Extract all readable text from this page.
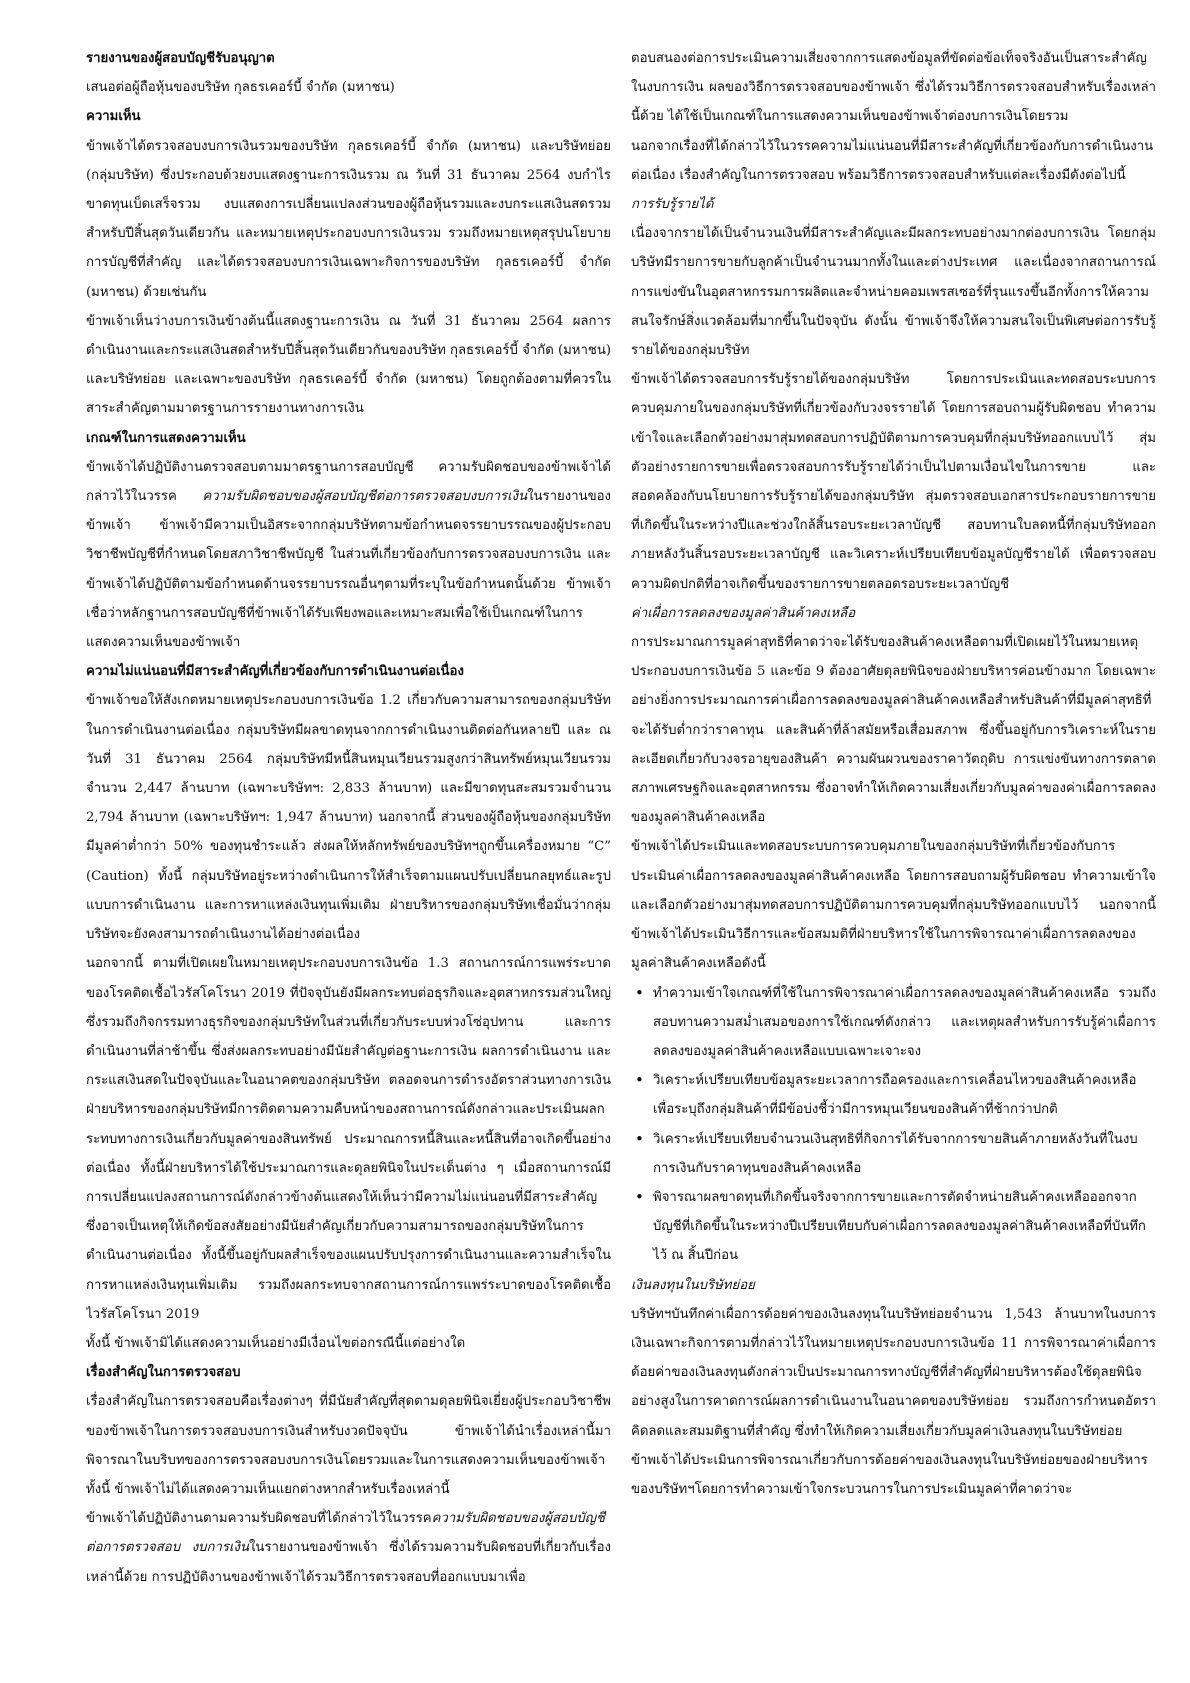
รายงานของผู้สอบบัญชีรับอนุญาต

เสนอต่อผู้ถือหุ้นของบริษัท กุลธรเคอร์บี้ จำกัด (มหาชน)

ความเห็น

ข้าพเจ้าได้ตรวจสอบงบการเงินรวมของบริษัท กุลธรเคอร์บี้ จำกัด (มหาชน) และบริษัทย่อย (กลุ่มบริษัท) ซึ่งประกอบด้วยงบแสดงฐานะการเงินรวม ณ วันที่ 31 ธันวาคม 2564 งบกำไรขาดทุนเบ็ดเสร็จรวม งบแสดงการเปลี่ยนแปลงส่วนของผู้ถือหุ้นรวมและงบกระแสเงินสดรวม สำหรับปีสิ้นสุดวันเดียวกัน และหมายเหตุประกอบงบการเงินรวม รวมถึงหมายเหตุสรุปนโยบายการบัญชีที่สำคัญ และได้ตรวจสอบงบการเงินเฉพาะกิจการของบริษัท กุลธรเคอร์บี้ จำกัด (มหาชน) ด้วยเช่นกัน

ข้าพเจ้าเห็นว่างบการเงินข้างต้นนี้แสดงฐานะการเงิน ณ วันที่ 31 ธันวาคม 2564 ผลการดำเนินงานและกระแสเงินสดสำหรับปีสิ้นสุดวันเดียวกันของบริษัท กุลธรเคอร์บี้ จำกัด (มหาชน) และบริษัทย่อย และเฉพาะของบริษัท กุลธรเคอร์บี้ จำกัด (มหาชน) โดยถูกต้องตามที่ควรในสาระสำคัญตามมาตรฐานการรายงานทางการเงิน

เกณฑ์ในการแสดงความเห็น

ข้าพเจ้าได้ปฏิบัติงานตรวจสอบตามมาตรฐานการสอบบัญชี ความรับผิดชอบของข้าพเจ้าได้กล่าวไว้ในวรรค ความรับผิดชอบของผู้สอบบัญชีต่อการตรวจสอบงบการเงินในรายงานของข้าพเจ้า ข้าพเจ้ามีความเป็นอิสระจากกลุ่มบริษัทตามข้อกำหนดจรรยาบรรณของผู้ประกอบวิชาชีพบัญชีที่กำหนดโดยสภาวิชาชีพบัญชี ในส่วนที่เกี่ยวข้องกับการตรวจสอบงบการเงิน และข้าพเจ้าได้ปฏิบัติตามข้อกำหนดด้านจรรยาบรรณอื่นๆตามที่ระบุในข้อกำหนดนั้นด้วย ข้าพเจ้าเชื่อว่าหลักฐานการสอบบัญชีที่ข้าพเจ้าได้รับเพียงพอและเหมาะสมเพื่อใช้เป็นเกณฑ์ในการแสดงความเห็นของข้าพเจ้า

ความไม่แน่นอนที่มีสาระสำคัญที่เกี่ยวข้องกับการดำเนินงานต่อเนื่อง

ข้าพเจ้าขอให้สังเกตหมายเหตุประกอบงบการเงินข้อ 1.2 เกี่ยวกับความสามารถของกลุ่มบริษัทในการดำเนินงานต่อเนื่อง กลุ่มบริษัทมีผลขาดทุนจากการดำเนินงานติดต่อกันหลายปี และ ณ วันที่ 31 ธันวาคม 2564 กลุ่มบริษัทมีหนี้สินหมุนเวียนรวมสูงกว่าสินทรัพย์หมุนเวียนรวมจำนวน 2,447 ล้านบาท (เฉพาะบริษัทฯ: 2,833 ล้านบาท) และมีขาดทุนสะสมรวมจำนวน 2,794 ล้านบาท (เฉพาะบริษัทฯ: 1,947 ล้านบาท) นอกจากนี้ ส่วนของผู้ถือหุ้นของกลุ่มบริษัทมีมูลค่าต่ำกว่า 50% ของทุนชำระแล้ว ส่งผลให้หลักทรัพย์ของบริษัทฯถูกขึ้นเครื่องหมาย “C” (Caution) ทั้งนี้ กลุ่มบริษัทอยู่ระหว่างดำเนินการให้สำเร็จตามแผนปรับเปลี่ยนกลยุทธ์และรูปแบบการดำเนินงาน และการหาแหล่งเงินทุนเพิ่มเติม ฝ่ายบริหารของกลุ่มบริษัทเชื่อมั่นว่ากลุ่มบริษัทจะยังคงสามารถดำเนินงานได้อย่างต่อเนื่อง

นอกจากนี้ ตามที่เปิดเผยในหมายเหตุประกอบงบการเงินข้อ 1.3 สถานการณ์การแพร่ระบาดของโรคติดเชื้อไวรัสโคโรนา 2019 ที่ปัจจุบันยังมีผลกระทบต่อธุรกิจและอุตสาหกรรมส่วนใหญ่ ซึ่งรวมถึงกิจกรรมทางธุรกิจของกลุ่มบริษัทในส่วนที่เกี่ยวกับระบบห่วงโซ่อุปทาน และการดำเนินงานที่ล่าช้าขึ้น ซึ่งส่งผลกระทบอย่างมีนัยสำคัญต่อฐานะการเงิน ผลการดำเนินงาน และกระแสเงินสดในปัจจุบันและในอนาคตของกลุ่มบริษัท ตลอดจนการดำรงอัตราส่วนทางการเงิน ฝ่ายบริหารของกลุ่มบริษัทมีการติดตามความคืบหน้าของสถานการณ์ดังกล่าวและประเมินผลกระทบทางการเงินเกี่ยวกับมูลค่าของสินทรัพย์ ประมาณการหนี้สินและหนี้สินที่อาจเกิดขึ้นอย่างต่อเนื่อง ทั้งนี้ฝ่ายบริหารได้ใช้ประมาณการและดุลยพินิจในประเด็นต่าง ๆ เมื่อสถานการณ์มีการเปลี่ยนแปลงสถานการณ์ดังกล่าวข้างต้นแสดงให้เห็นว่ามีความไม่แน่นอนที่มีสาระสำคัญซึ่งอาจเป็นเหตุให้เกิดข้อสงสัยอย่างมีนัยสำคัญเกี่ยวกับความสามารถของกลุ่มบริษัทในการดำเนินงานต่อเนื่อง ทั้งนี้ขึ้นอยู่กับผลสำเร็จของแผนปรับปรุงการดำเนินงานและความสำเร็จในการหาแหล่งเงินทุนเพิ่มเติม รวมถึงผลกระทบจากสถานการณ์การแพร่ระบาดของโรคติดเชื้อไวรัสโคโรนา 2019

ทั้งนี้ ข้าพเจ้ามิได้แสดงความเห็นอย่างมีเงื่อนไขต่อกรณีนี้แต่อย่างใด

เรื่องสำคัญในการตรวจสอบ

เรื่องสำคัญในการตรวจสอบคือเรื่องต่างๆ ที่มีนัยสำคัญที่สุดตามดุลยพินิจเยี่ยงผู้ประกอบวิชาชีพของข้าพเจ้าในการตรวจสอบงบการเงินสำหรับงวดปัจจุบัน ข้าพเจ้าได้นำเรื่องเหล่านี้มาพิจารณาในบริบทของการตรวจสอบงบการเงินโดยรวมและในการแสดงความเห็นของข้าพเจ้า ทั้งนี้ ข้าพเจ้าไม่ได้แสดงความเห็นแยกต่างหากสำหรับเรื่องเหล่านี้

ข้าพเจ้าได้ปฏิบัติงานตามความรับผิดชอบที่ได้กล่าวไว้ในวรรคความรับผิดชอบของผู้สอบบัญชีต่อการตรวจสอบ งบการเงินในรายงานของข้าพเจ้า ซึ่งได้รวมความรับผิดชอบที่เกี่ยวกับเรื่องเหล่านี้ด้วย การปฏิบัติงานของข้าพเจ้าได้รวมวิธีการตรวจสอบที่ออกแบบมาเพื่อ

ตอบสนองต่อการประเมินความเสี่ยงจากการแสดงข้อมูลที่ขัดต่อข้อเท็จจริงอันเป็นสาระสำคัญในงบการเงิน ผลของวิธีการตรวจสอบของข้าพเจ้า ซึ่งได้รวมวิธีการตรวจสอบสำหรับเรื่องเหล่านี้ด้วย ได้ใช้เป็นเกณฑ์ในการแสดงความเห็นของข้าพเจ้าต่องบการเงินโดยรวม

นอกจากเรื่องที่ได้กล่าวไว้ในวรรคความไม่แน่นอนที่มีสาระสำคัญที่เกี่ยวข้องกับการดำเนินงานต่อเนื่อง เรื่องสำคัญในการตรวจสอบ พร้อมวิธีการตรวจสอบสำหรับแต่ละเรื่องมีดังต่อไปนี้

การรับรู้รายได้

เนื่องจากรายได้เป็นจำนวนเงินที่มีสาระสำคัญและมีผลกระทบอย่างมากต่องบการเงิน โดยกลุ่มบริษัทมีรายการขายกับลูกค้าเป็นจำนวนมากทั้งในและต่างประเทศ และเนื่องจากสถานการณ์การแข่งขันในอุตสาหกรรมการผลิตและจำหน่ายคอมเพรสเซอร์ที่รุนแรงขึ้นอีกทั้งการให้ความสนใจรักษ์สิ่งแวดล้อมที่มากขึ้นในปัจจุบัน ดังนั้น ข้าพเจ้าจึงให้ความสนใจเป็นพิเศษต่อการรับรู้รายได้ของกลุ่มบริษัท

ข้าพเจ้าได้ตรวจสอบการรับรู้รายได้ของกลุ่มบริษัท โดยการประเมินและทดสอบระบบการควบคุมภายในของกลุ่มบริษัทที่เกี่ยวข้องกับวงจรรายได้ โดยการสอบถามผู้รับผิดชอบ ทำความเข้าใจและเลือกตัวอย่างมาสุ่มทดสอบการปฏิบัติตามการควบคุมที่กลุ่มบริษัทออกแบบไว้ สุ่มตัวอย่างรายการขายเพื่อตรวจสอบการรับรู้รายได้ว่าเป็นไปตามเงื่อนไขในการขาย และสอดคล้องกับนโยบายการรับรู้รายได้ของกลุ่มบริษัท สุ่มตรวจสอบเอกสารประกอบรายการขายที่เกิดขึ้นในระหว่างปีและช่วงใกล้สิ้นรอบระยะเวลาบัญชี สอบทานใบลดหนี้ที่กลุ่มบริษัทออกภายหลังวันสิ้นรอบระยะเวลาบัญชี และวิเคราะห์เปรียบเทียบข้อมูลบัญชีรายได้ เพื่อตรวจสอบความผิดปกติที่อาจเกิดขึ้นของรายการขายตลอดรอบระยะเวลาบัญชี

ค่าเผื่อการลดลงของมูลค่าสินค้าคงเหลือ

การประมาณการมูลค่าสุทธิที่คาดว่าจะได้รับของสินค้าคงเหลือตามที่เปิดเผยไว้ในหมายเหตุประกอบงบการเงินข้อ 5 และข้อ 9 ต้องอาศัยดุลยพินิจของฝ่ายบริหารค่อนข้างมาก โดยเฉพาะอย่างยิ่งการประมาณการค่าเผื่อการลดลงของมูลค่าสินค้าคงเหลือสำหรับสินค้าที่มีมูลค่าสุทธิที่จะได้รับต่ำกว่าราคาทุน และสินค้าที่ล้าสมัยหรือเสื่อมสภาพ ซึ่งขึ้นอยู่กับการวิเคราะห์ในรายละเอียดเกี่ยวกับวงจรอายุของสินค้า ความผันผวนของราคาวัตถุดิบ การแข่งขันทางการตลาด สภาพเศรษฐกิจและอุตสาหกรรม ซึ่งอาจทำให้เกิดความเสี่ยงเกี่ยวกับมูลค่าของค่าเผื่อการลดลงของมูลค่าสินค้าคงเหลือ

ข้าพเจ้าได้ประเมินและทดสอบระบบการควบคุมภายในของกลุ่มบริษัทที่เกี่ยวข้องกับการประเมินค่าเผื่อการลดลงของมูลค่าสินค้าคงเหลือ โดยการสอบถามผู้รับผิดชอบ ทำความเข้าใจและเลือกตัวอย่างมาสุ่มทดสอบการปฏิบัติตามการควบคุมที่กลุ่มบริษัทออกแบบไว้ นอกจากนี้ ข้าพเจ้าได้ประเมินวิธีการและข้อสมมติที่ฝ่ายบริหารใช้ในการพิจารณาค่าเผื่อการลดลงของมูลค่าสินค้าคงเหลือดังนี้

• ทำความเข้าใจเกณฑ์ที่ใช้ในการพิจารณาค่าเผื่อการลดลงของมูลค่าสินค้าคงเหลือ รวมถึงสอบทานความสม่ำเสมอของการใช้เกณฑ์ดังกล่าว และเหตุผลสำหรับการรับรู้ค่าเผื่อการลดลงของมูลค่าสินค้าคงเหลือแบบเฉพาะเจาะจง
• วิเคราะห์เปรียบเทียบข้อมูลระยะเวลาการถือครองและการเคลื่อนไหวของสินค้าคงเหลือเพื่อระบุถึงกลุ่มสินค้าที่มีข้อบ่งชี้ว่ามีการหมุนเวียนของสินค้าที่ช้ากว่าปกติ
• วิเคราะห์เปรียบเทียบจำนวนเงินสุทธิที่กิจการได้รับจากการขายสินค้าภายหลังวันที่ในงบการเงินกับราคาทุนของสินค้าคงเหลือ
• พิจารณาผลขาดทุนที่เกิดขึ้นจริงจากการขายและการตัดจำหน่ายสินค้าคงเหลือออกจากบัญชีที่เกิดขึ้นในระหว่างปีเปรียบเทียบกับค่าเผื่อการลดลงของมูลค่าสินค้าคงเหลือที่บันทึกไว้ ณ สิ้นปีก่อน

เงินลงทุนในบริษัทย่อย

บริษัทฯบันทึกค่าเผื่อการด้อยค่าของเงินลงทุนในบริษัทย่อยจำนวน 1,543 ล้านบาทในงบการเงินเฉพาะกิจการตามที่กล่าวไว้ในหมายเหตุประกอบงบการเงินข้อ 11 การพิจารณาค่าเผื่อการด้อยค่าของเงินลงทุนดังกล่าวเป็นประมาณการทางบัญชีที่สำคัญที่ฝ่ายบริหารต้องใช้ดุลยพินิจอย่างสูงในการคาดการณ์ผลการดำเนินงานในอนาคตของบริษัทย่อย รวมถึงการกำหนดอัตราคิดลดและสมมติฐานที่สำคัญ ซึ่งทำให้เกิดความเสี่ยงเกี่ยวกับมูลค่าเงินลงทุนในบริษัทย่อย

ข้าพเจ้าได้ประเมินการพิจารณาเกี่ยวกับการด้อยค่าของเงินลงทุนในบริษัทย่อยของฝ่ายบริหารของบริษัทฯโดยการทำความเข้าใจกระบวนการในการประเมินมูลค่าที่คาดว่าจะ
